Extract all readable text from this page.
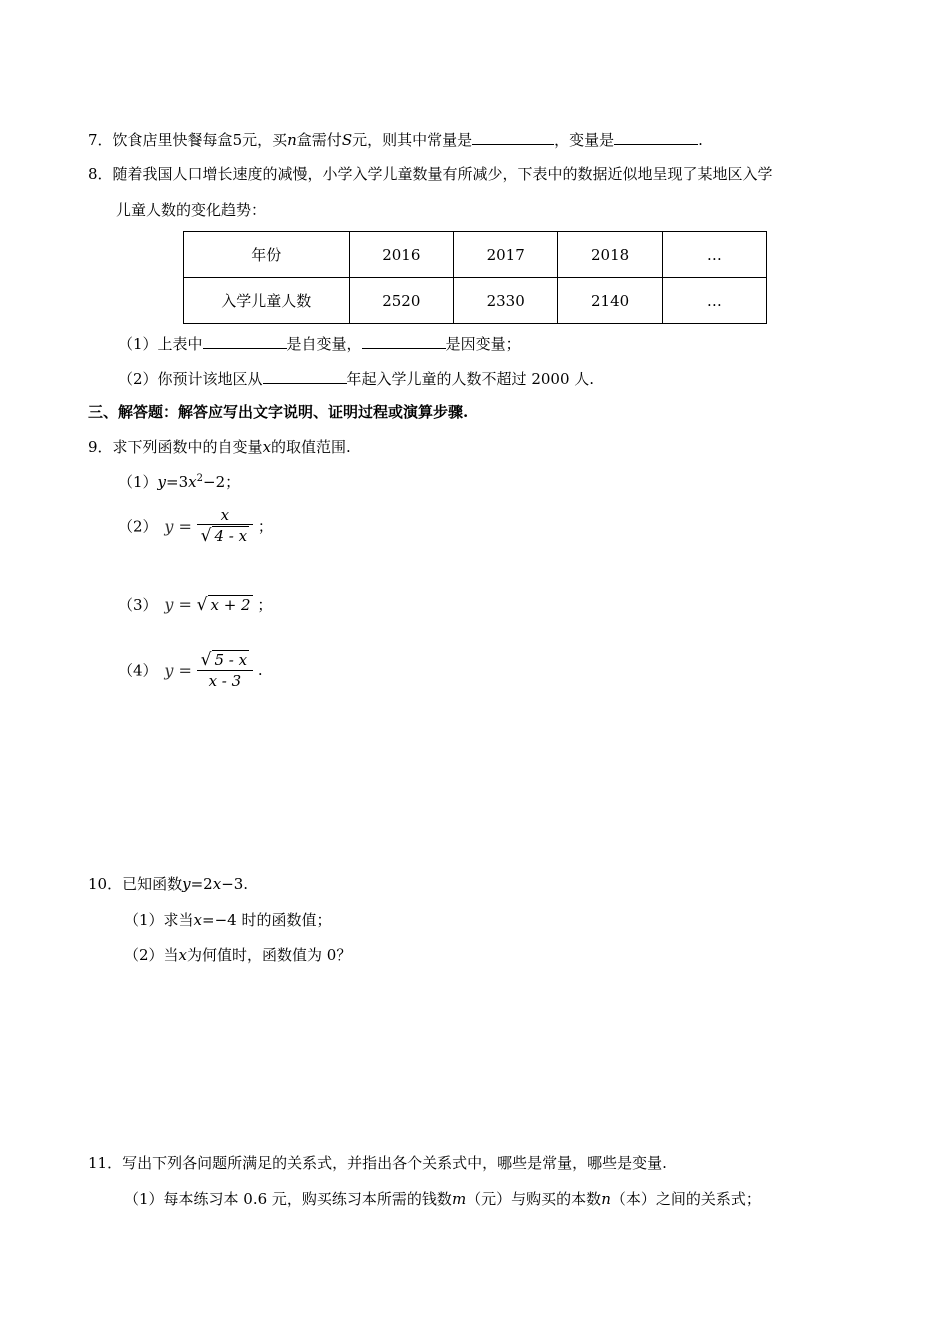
7．饮食店里快餐每盒5元，买n盒需付S元，则其中常量是	，变量是	.
8．随着我国人口增长速度的减慢，小学入学儿童数量有所减少，下表中的数据近似地呈现了某地区入学
儿童人数的变化趋势：
年份	2016	2017	2018	…
入学儿童人数	2520	2330	2140	…
（1）上表中	是自变量，	是因变量；
（2）你预计该地区从	年起入学儿童的人数不超过 2000 人.
三、解答题：解答应写出文字说明、证明过程或演算步骤.
9．求下列函数中的自变量x的取值范围.
$(1)y=3x^2-2$；
（2） $y = \frac{x}{√ 4 - x}$ ；
（3） y = √ x + 2 ；
（4） $y = \frac{√ 5 - x}{x - 3}$ .
10．已知函数y=2x−3.
（1）求当x=−4 时的函数值；
（2）当x为何值时，函数值为 0？
11．写出下列各问题所满足的关系式，并指出各个关系式中，哪些是常量，哪些是变量.
（1）每本练习本 0.6 元，购买练习本所需的钱数m（元）与购买的本数n（本）之间的关系式；
